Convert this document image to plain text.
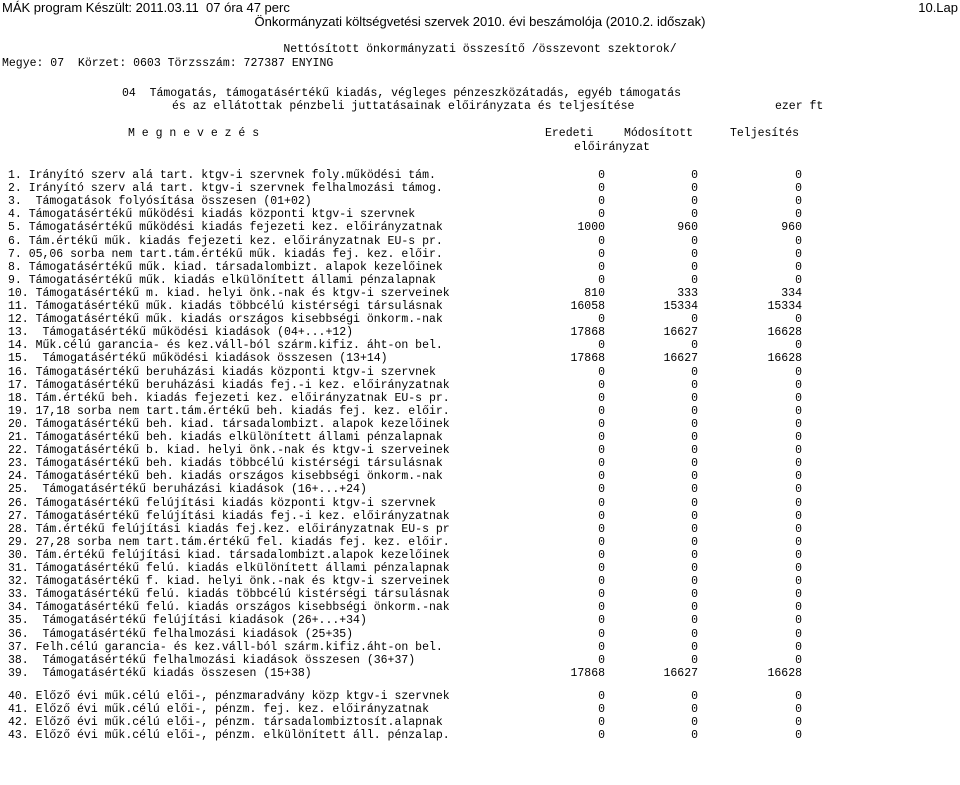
MÁK program Készült: 2011.03.11  07 óra 47 perc	10.Lap
Önkormányzati költségvetési szervek 2010. évi beszámolója (2010.2. időszak)
Nettósított önkormányzati összesítő /összevont szektorok/
Megye: 07  Körzet: 0603 Törzsszám: 727387 ENYING
04  Támogatás, támogatásértékű kiadás, végleges pénzeszközátadás, egyéb támogatás
és az ellátottak pénzbeli juttatásainak előirányzata és teljesítése	ezer ft
M e g n e v e z é s	Eredeti	Módosított	Teljesítés
előirányzat
1. Irányító szerv alá tart. ktgv-i szervnek foly.működési tám.	0	0	0
2. Irányító szerv alá tart. ktgv-i szervnek felhalmozási támog.	0	0	0
3.  Támogatások folyósítása összesen (01+02)	0	0	0
4. Támogatásértékű működési kiadás központi ktgv-i szervnek	0	0	0
5. Támogatásértékű működési kiadás fejezeti kez. előirányzatnak	1000	960	960
6. Tám.értékű műk. kiadás fejezeti kez. előirányzatnak EU-s pr.	0	0	0
7. 05,06 sorba nem tart.tám.értékű műk. kiadás fej. kez. előir.	0	0	0
8. Támogatásértékű műk. kiad. társadalombizt. alapok kezelőinek	0	0	0
9. Támogatásértékű műk. kiadás elkülönített állami pénzalapnak	0	0	0
10. Támogatásértékű m. kiad. helyi önk.-nak és ktgv-i szerveinek	810	333	334
11. Támogatásértékű műk. kiadás többcélú kistérségi társulásnak	16058	15334	15334
12. Támogatásértékű műk. kiadás országos kisebbségi önkorm.-nak	0	0	0
13.  Támogatásértékű működési kiadások (04+...+12)	17868	16627	16628
14. Műk.célú garancia- és kez.váll-ból szárm.kifiz. áht-on bel.	0	0	0
15.  Támogatásértékű működési kiadások összesen (13+14)	17868	16627	16628
16. Támogatásértékű beruházási kiadás központi ktgv-i szervnek	0	0	0
17. Támogatásértékű beruházási kiadás fej.-i kez. előirányzatnak	0	0	0
18. Tám.értékű beh. kiadás fejezeti kez. előirányzatnak EU-s pr.	0	0	0
19. 17,18 sorba nem tart.tám.értékű beh. kiadás fej. kez. előir.	0	0	0
20. Támogatásértékű beh. kiad. társadalombizt. alapok kezelőinek	0	0	0
21. Támogatásértékű beh. kiadás elkülönített állami pénzalapnak	0	0	0
22. Támogatásértékű b. kiad. helyi önk.-nak és ktgv-i szerveinek	0	0	0
23. Támogatásértékű beh. kiadás többcélú kistérségi társulásnak	0	0	0
24. Támogatásértékű beh. kiadás országos kisebbségi önkorm.-nak	0	0	0
25.  Támogatásértékű beruházási kiadások (16+...+24)	0	0	0
26. Támogatásértékű felújítási kiadás központi ktgv-i szervnek	0	0	0
27. Támogatásértékű felújítási kiadás fej.-i kez. előirányzatnak	0	0	0
28. Tám.értékű felújítási kiadás fej.kez. előirányzatnak EU-s pr	0	0	0
29. 27,28 sorba nem tart.tám.értékű fel. kiadás fej. kez. előir.	0	0	0
30. Tám.értékű felújítási kiad. társadalombizt.alapok kezelőinek	0	0	0
31. Támogatásértékű felú. kiadás elkülönített állami pénzalapnak	0	0	0
32. Támogatásértékű f. kiad. helyi önk.-nak és ktgv-i szerveinek	0	0	0
33. Támogatásértékű felú. kiadás többcélú kistérségi társulásnak	0	0	0
34. Támogatásértékű felú. kiadás országos kisebbségi önkorm.-nak	0	0	0
35.  Támogatásértékű felújítási kiadások (26+...+34)	0	0	0
36.  Támogatásértékű felhalmozási kiadások (25+35)	0	0	0
37. Felh.célú garancia- és kez.váll-ból szárm.kifiz.áht-on bel.	0	0	0
38.  Támogatásértékű felhalmozási kiadások összesen (36+37)	0	0	0
39.  Támogatásértékű kiadás összesen (15+38)	17868	16627	16628
40. Előző évi műk.célú elői-, pénzmaradvány közp ktgv-i szervnek	0	0	0
41. Előző évi műk.célú elői-, pénzm. fej. kez. előirányzatnak	0	0	0
42. Előző évi műk.célú elői-, pénzm. társadalombiztosít.alapnak	0	0	0
43. Előző évi műk.célú elői-, pénzm. elkülönített áll. pénzalap.	0	0	0
